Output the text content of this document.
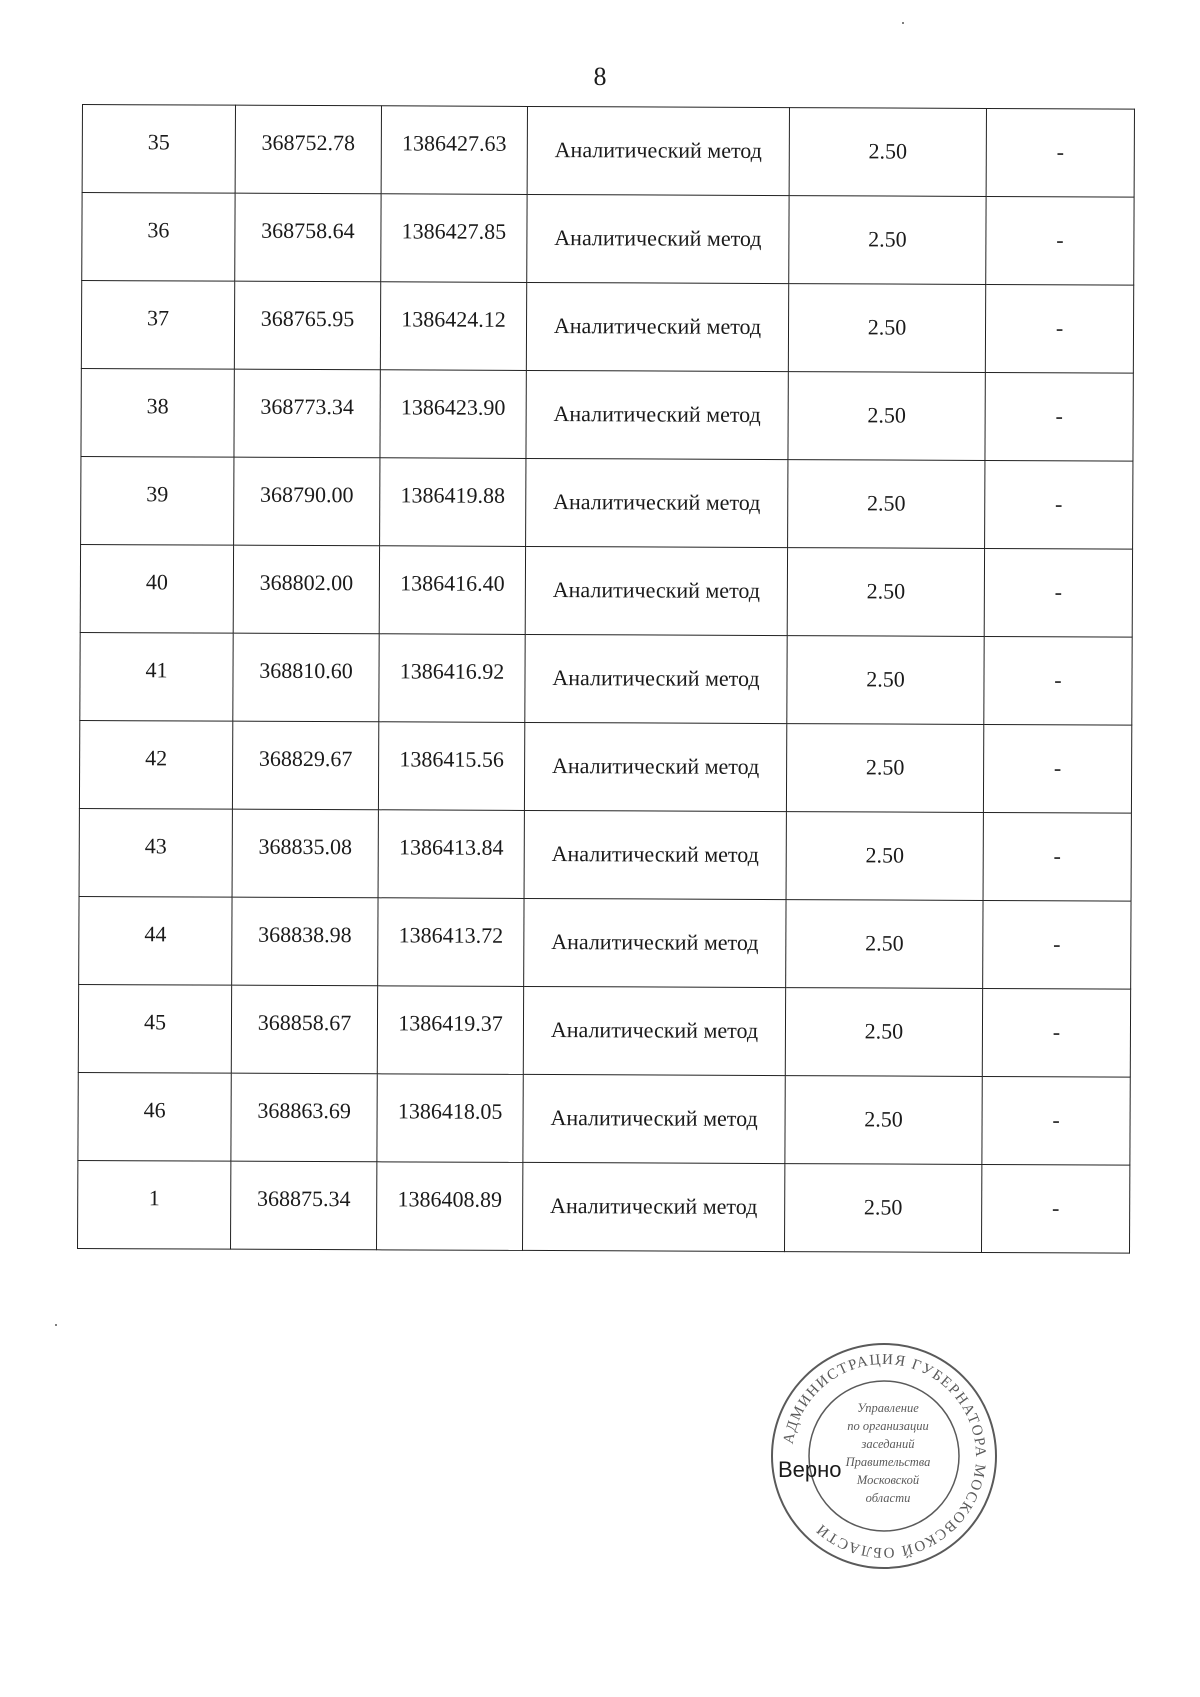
8
35	368752.78	1386427.63	Аналитический метод	2.50	-

36	368758.64	1386427.85	Аналитический метод	2.50	-

37	368765.95	1386424.12	Аналитический метод	2.50	-

38	368773.34	1386423.90	Аналитический метод	2.50	-

39	368790.00	1386419.88	Аналитический метод	2.50	-

40	368802.00	1386416.40	Аналитический метод	2.50	-

41	368810.60	1386416.92	Аналитический метод	2.50	-

42	368829.67	1386415.56	Аналитический метод	2.50	-

43	368835.08	1386413.84	Аналитический метод	2.50	-

44	368838.98	1386413.72	Аналитический метод	2.50	-

45	368858.67	1386419.37	Аналитический метод	2.50	-

46	368863.69	1386418.05	Аналитический метод	2.50	-

1	368875.34	1386408.89	Аналитический метод	2.50	-
АДМИНИСТРАЦИЯ ГУБЕРНАТОРА МОСКОВСКОЙ ОБЛАСТИ
Управление
по организации
заседаний
Правительства
Московской
области
Верно
